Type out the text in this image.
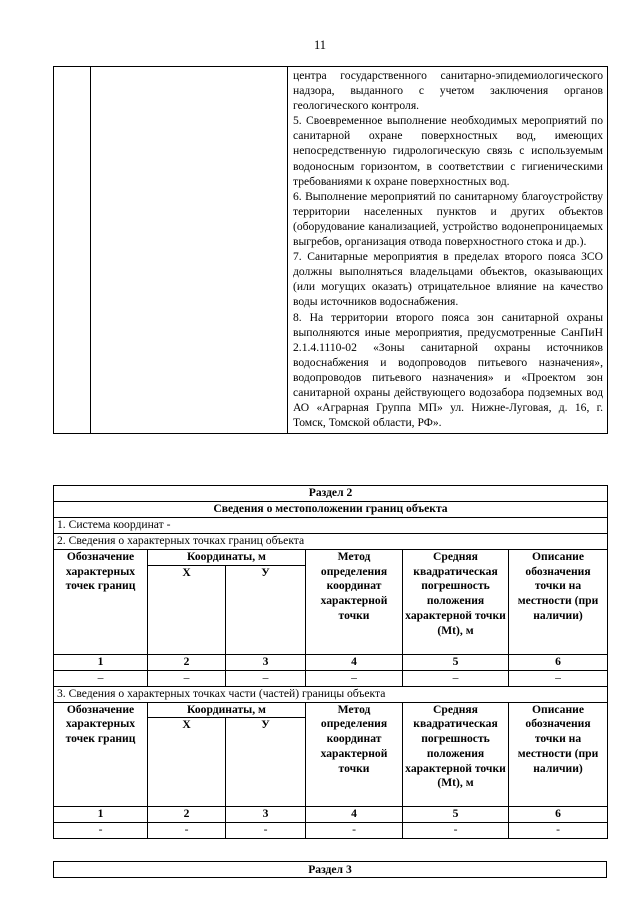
11

центра государственного санитарно-эпидемиологического надзора, выданного с учетом заключения органов геологического контроля.

5. Своевременное выполнение необходимых мероприятий по санитарной охране поверхностных вод, имеющих непосредственную гидрологическую связь с используемым водоносным горизонтом, в соответствии с гигиеническими требованиями к охране поверхностных вод.

6. Выполнение мероприятий по санитарному благоустройству территории населенных пунктов и других объектов (оборудование канализацией, устройство водонепроницаемых выгребов, организация отвода поверхностного стока и др.).

7. Санитарные мероприятия в пределах второго пояса ЗСО должны выполняться владельцами объектов, оказывающих (или могущих оказать) отрицательное влияние на качество воды источников водоснабжения.

8. На территории второго пояса зон санитарной охраны выполняются иные мероприятия, предусмотренные СанПиН 2.1.4.1110-02 «Зоны санитарной охраны источников водоснабжения и водопроводов питьевого назначения», водопроводов питьевого назначения» и «Проектом зон санитарной охраны действующего водозабора подземных вод АО «Аграрная Группа МП» ул. Нижне-Луговая, д. 16, г. Томск, Томской области, РФ».

Раздел 2					
Сведения о местоположении границ объекта					
1. Система координат -					
2. Сведения о характерных точках границ объекта					
Обозначение характерных точек границ	Координаты, м		Метод определения координат характерной точки	Средняя квадратическая погрешность положения характерной точки (Mt), м	Описание обозначения точки на местности (при наличии)
	X	У			
1	2	3	4	5	6
–	–	–	–	–	–
3. Сведения о характерных точках части (частей) границы объекта					
Обозначение характерных точек границ	Координаты, м		Метод определения координат характерной точки	Средняя квадратическая погрешность положения характерной точки (Mt), м	Описание обозначения точки на местности (при наличии)
	X	У			
1	2	3	4	5	6
-	-	-	-	-	-
Раздел 3
